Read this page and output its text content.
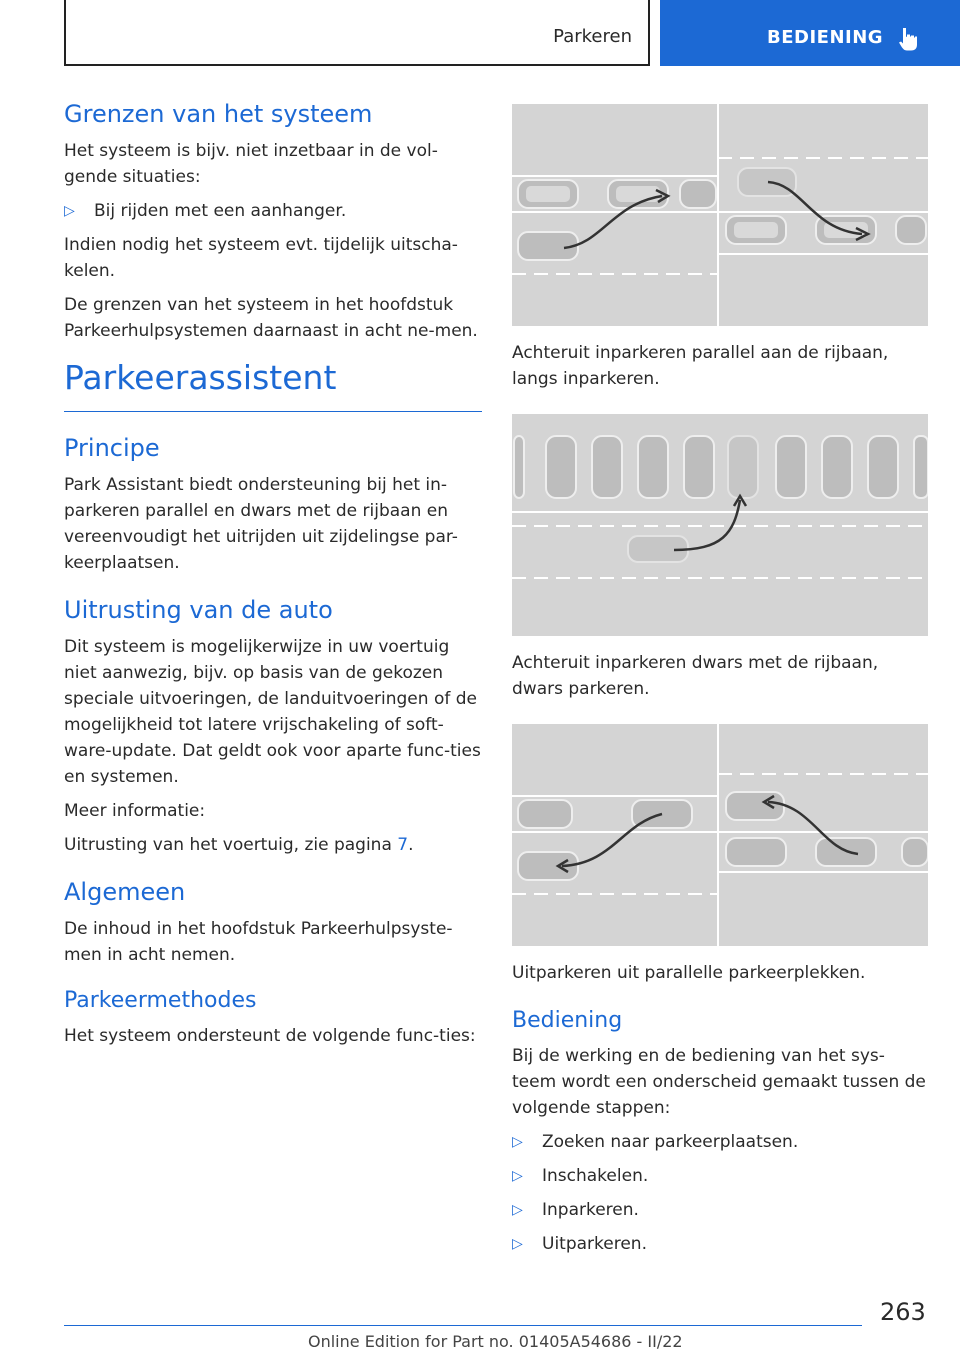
Parkeren	BEDIENING
Grenzen van het systeem

Het systeem is bijv. niet inzetbaar in de vol-gende situaties:

▷ Bij rijden met een aanhanger.

Indien nodig het systeem evt. tijdelijk uitscha-kelen.

De grenzen van het systeem in het hoofdstuk Parkeerhulpsystemen daarnaast in acht ne-men.

Parkeerassistent
Principe

Park Assistant biedt ondersteuning bij het in-parkeren parallel en dwars met de rijbaan en vereenvoudigt het uitrijden uit zijdelingse par-keerplaatsen.

Uitrusting van de auto

Dit systeem is mogelijkerwijze in uw voertuig niet aanwezig, bijv. op basis van de gekozen speciale uitvoeringen, de landuitvoeringen of de mogelijkheid tot latere vrijschakeling of soft-ware-update. Dat geldt ook voor aparte func-ties en systemen.

Meer informatie:

Uitrusting van het voertuig, zie pagina 7.

Algemeen

De inhoud in het hoofdstuk Parkeerhulpsyste-men in acht nemen.

Parkeermethodes

Het systeem ondersteunt de volgende func-ties:

Achteruit inparkeren parallel aan de rijbaan, langs inparkeren.

Achteruit inparkeren dwars met de rijbaan, dwars parkeren.

Uitparkeren uit parallelle parkeerplekken.

Bediening

Bij de werking en de bediening van het sys-teem wordt een onderscheid gemaakt tussen de volgende stappen:

▷ Zoeken naar parkeerplaatsen.
▷ Inschakelen.
▷ Inparkeren.
▷ Uitparkeren.
263
Online Edition for Part no. 01405A54686 - II/22
